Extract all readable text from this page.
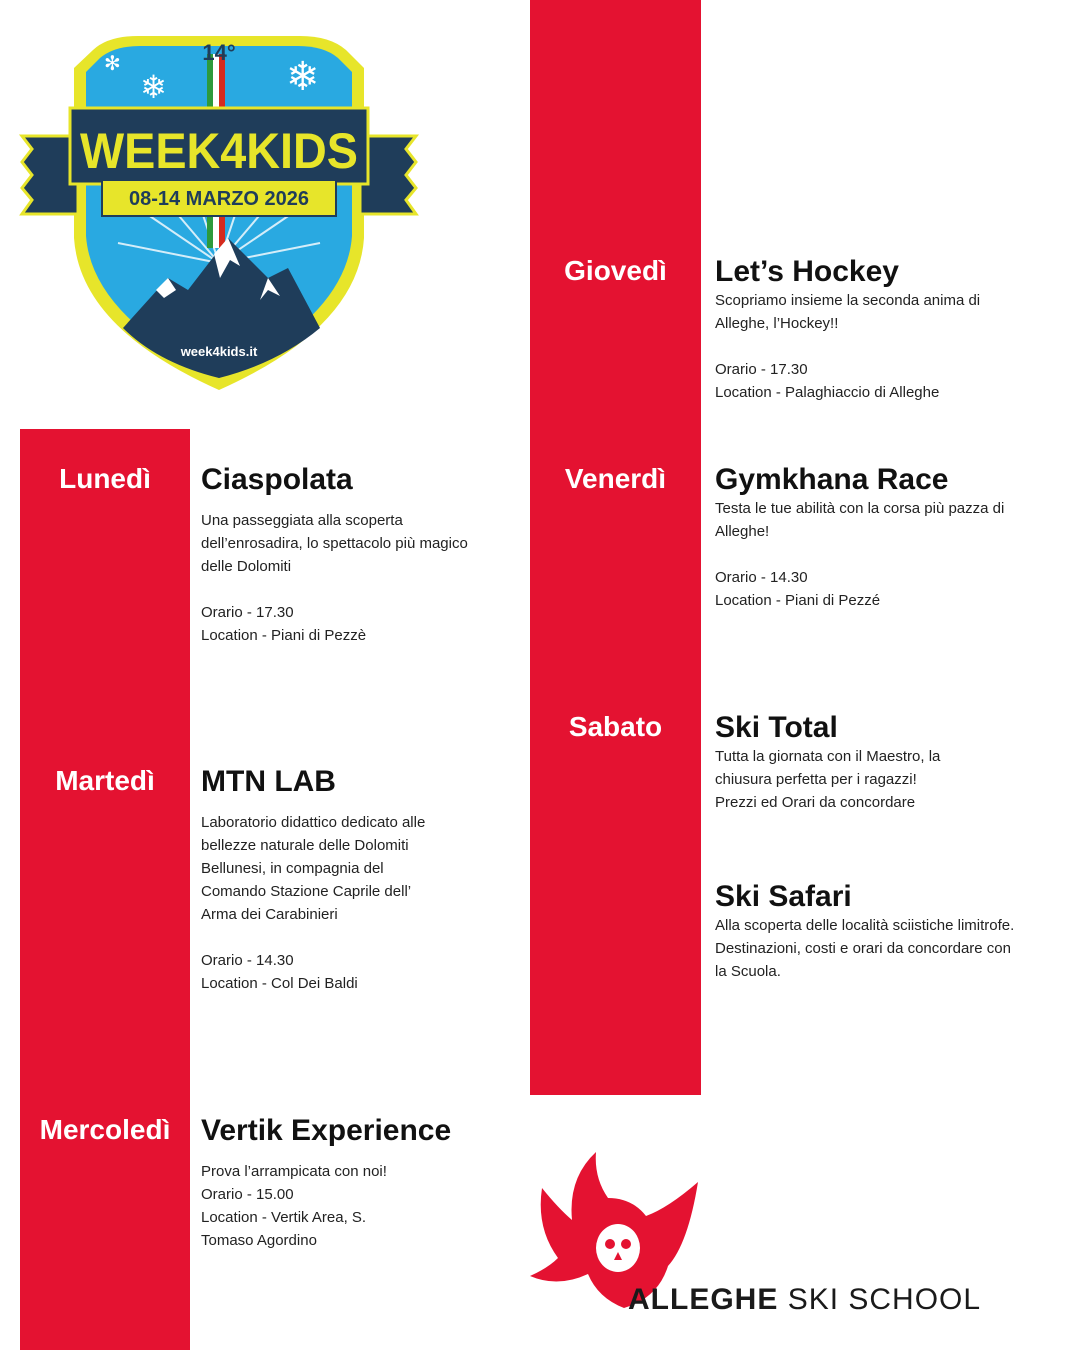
✻
❄	❄
WEEK4KIDS
08-14 MARZO 2026
14°
week4kids.it
Lunedì
Martedì
Mercoledì
Ciaspolata
Una passeggiata alla scoperta dell’enrosadira, lo spettacolo più magico delle Dolomiti

Orario - 17.30
Location - Piani di Pezzè
MTN LAB
Laboratorio didattico dedicato alle bellezze naturale delle Dolomiti Bellunesi, in compagnia del Comando Stazione Caprile dell’ Arma dei Carabinieri

Orario - 14.30
Location - Col Dei Baldi
Vertik Experience
Prova l’arrampicata con noi!
Orario - 15.00
Location - Vertik Area, S. Tomaso Agordino
Giovedì
Venerdì
Sabato
Let’s Hockey
Scopriamo insieme la seconda anima di Alleghe, l’Hockey!!

Orario - 17.30
Location - Palaghiaccio di Alleghe
Gymkhana Race
Testa le tue abilità con la corsa più pazza di Alleghe!

Orario - 14.30
Location - Piani di Pezzé
Ski Total
Tutta la giornata con il Maestro, la chiusura perfetta per i ragazzi!
Prezzi ed Orari da concordare
Ski Safari
Alla scoperta delle località sciistiche limitrofe.
Destinazioni, costi e orari da concordare con la Scuola.
ALLEGHE SKI SCHOOL
